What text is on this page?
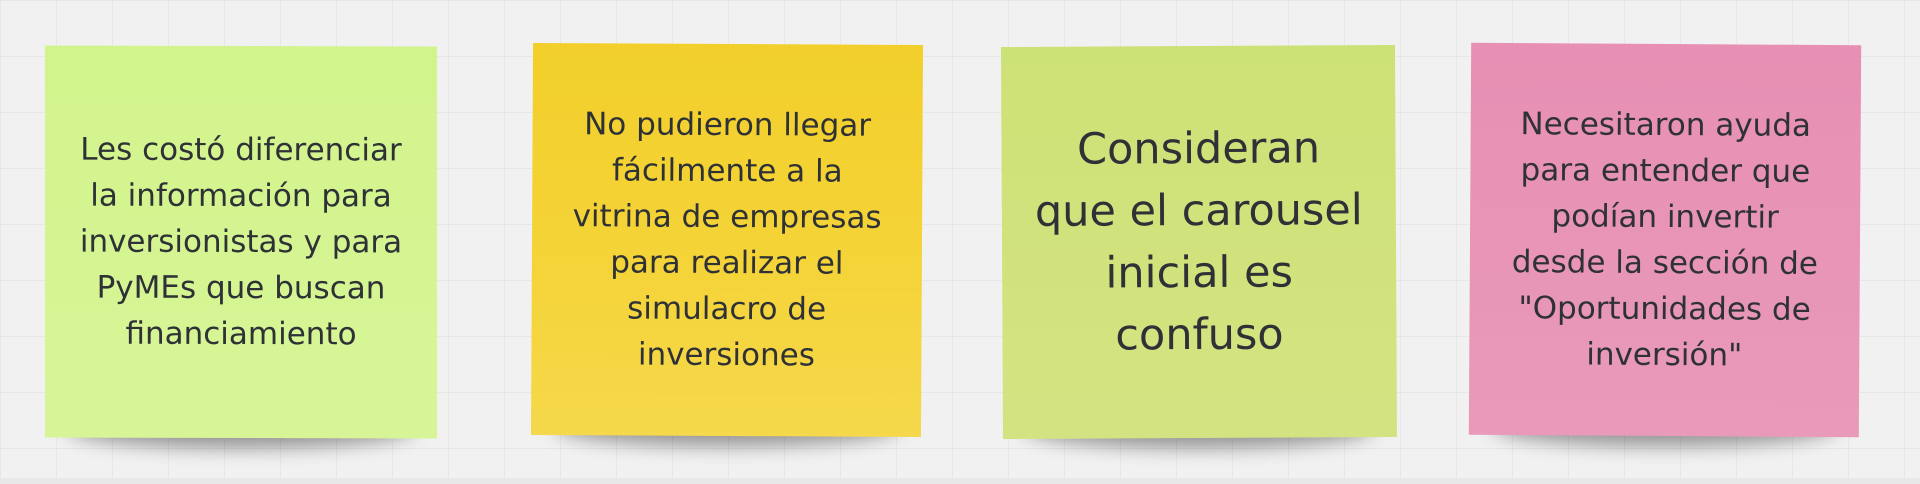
Les costó diferenciar la información para inversionistas y para PyMEs que buscan financiamiento
No pudieron llegar fácilmente a la vitrina de empresas para realizar el simulacro de inversiones
Consideran que el carousel inicial es confuso
Necesitaron ayuda para entender que podían invertir desde la sección de "Oportunidades de inversión"
